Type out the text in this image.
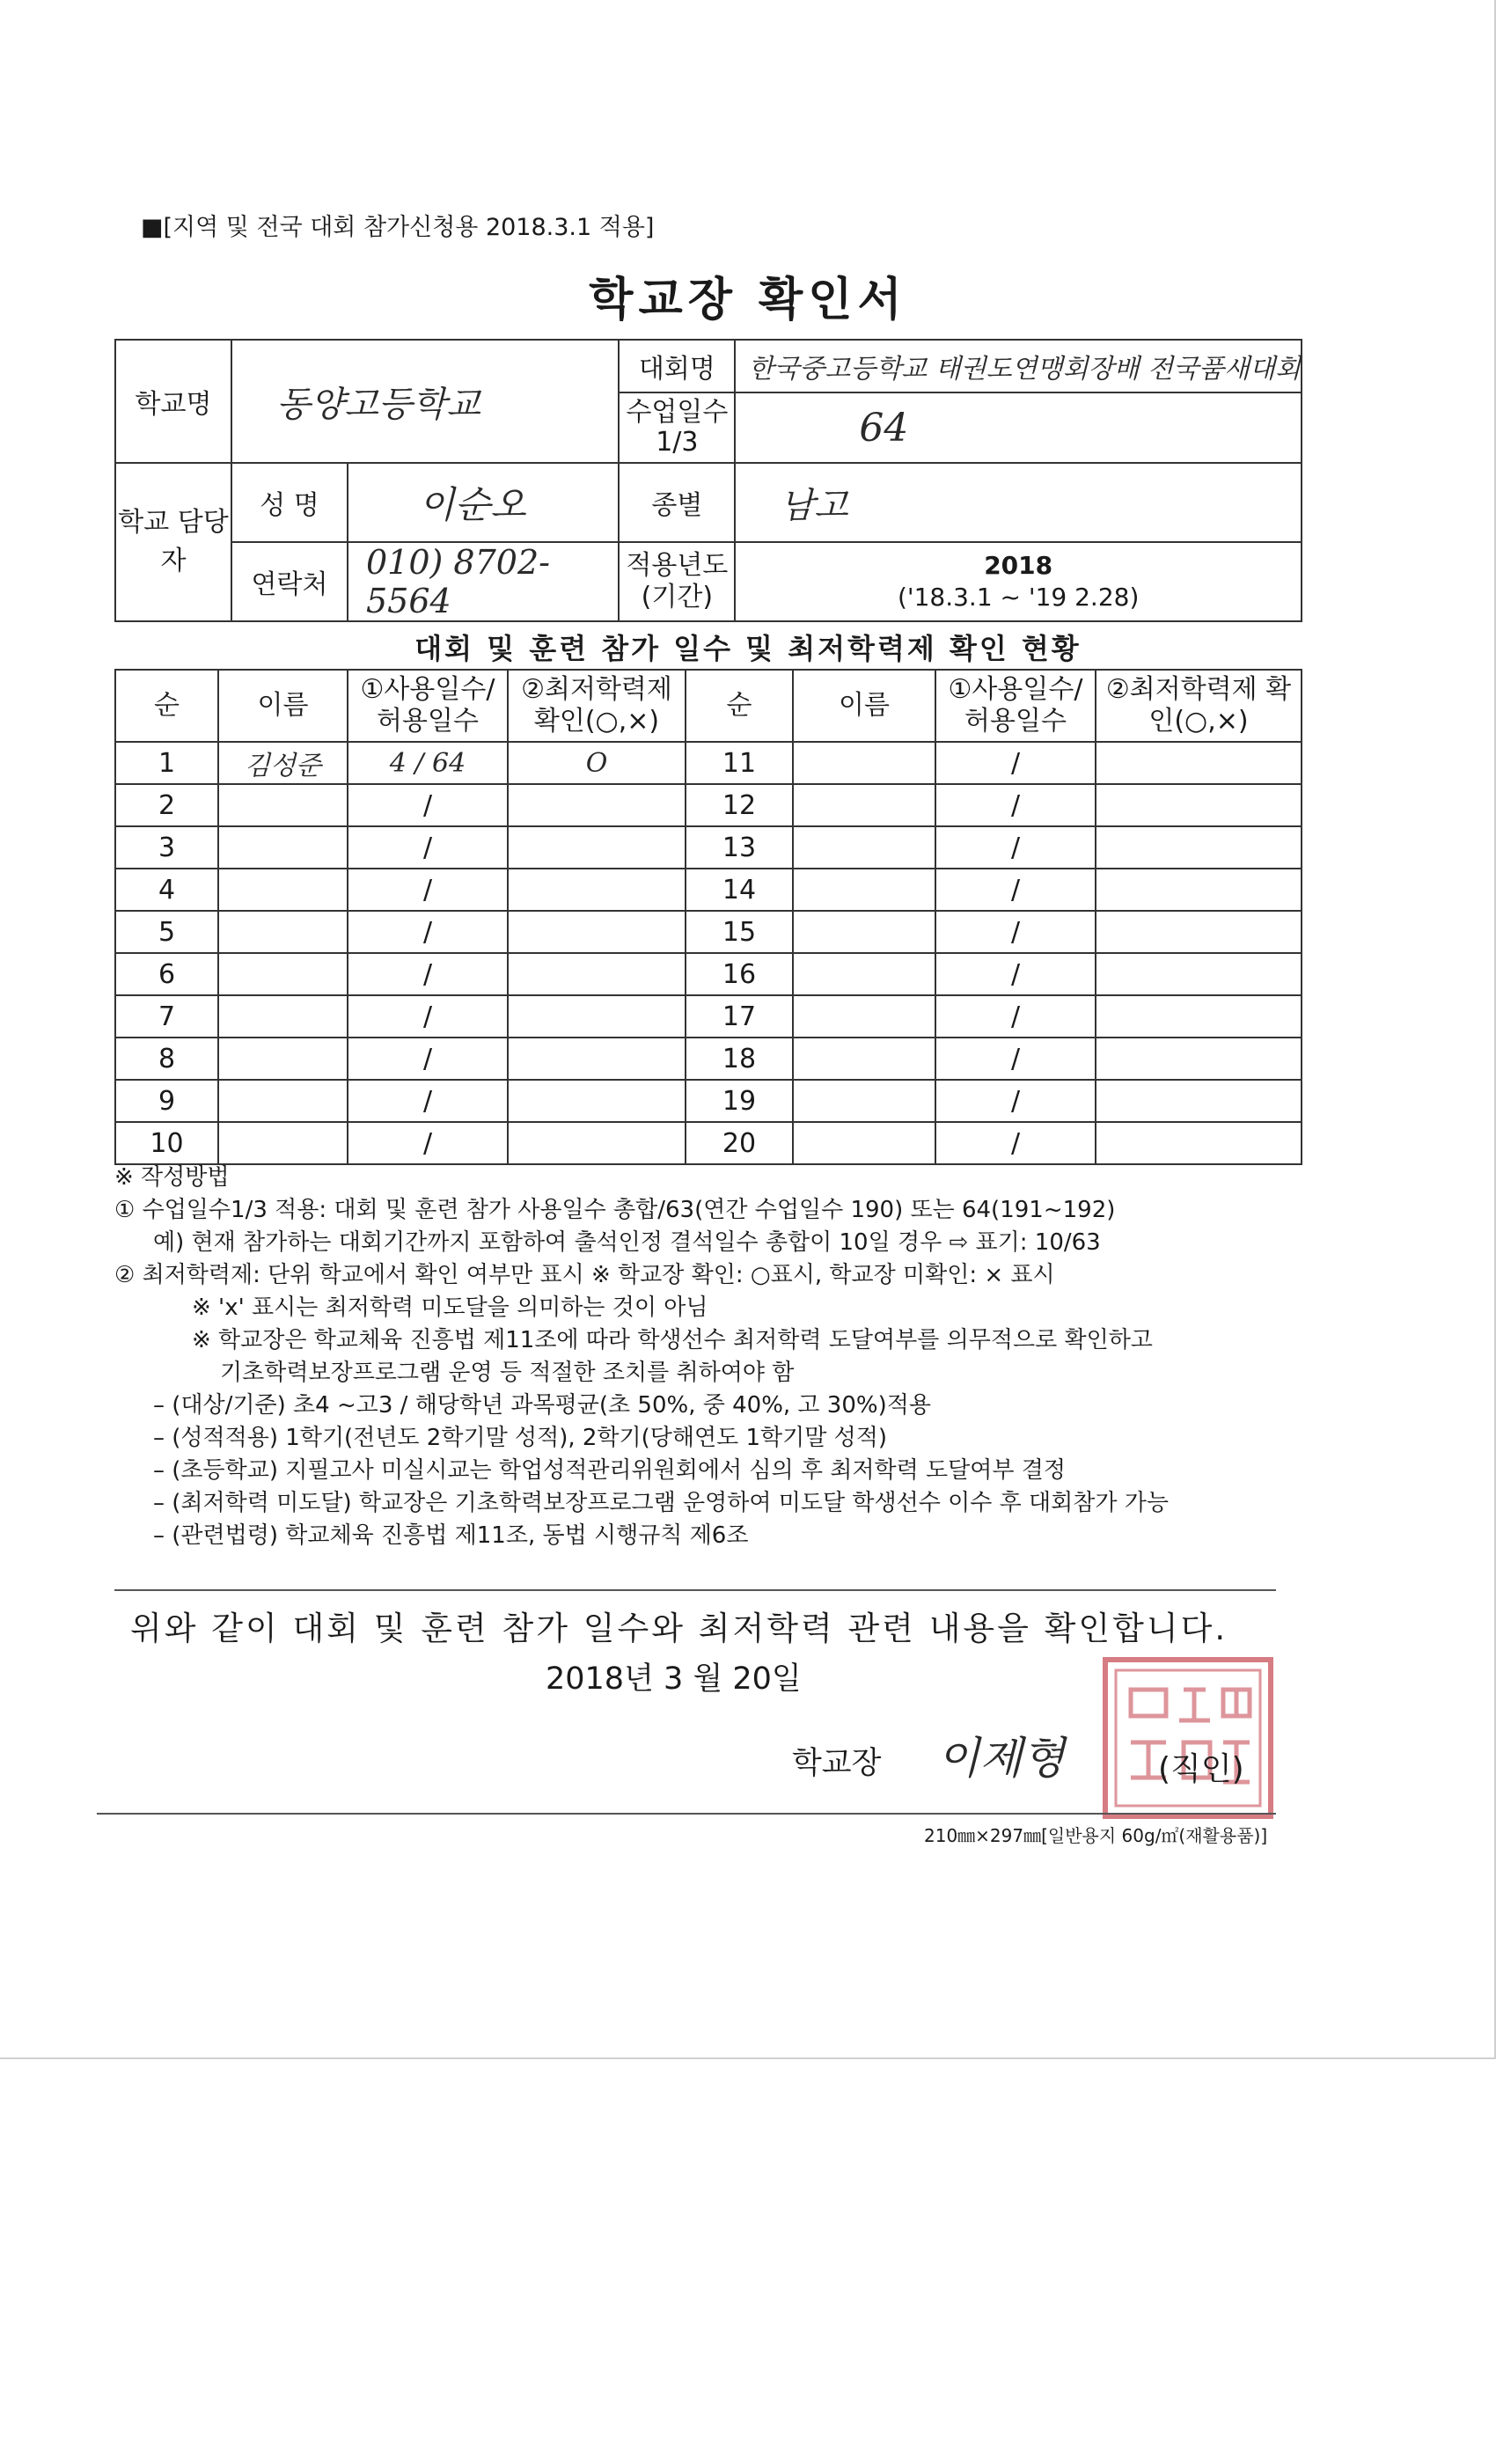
■[지역 및 전국 대회 참가신청용 2018.3.1 적용]
학교장 확인서
학교명	동양고등학교		대회명	한국중고등학교 태권도연맹회장배 전국품새대회
			수업일수 1/3	64
학교 담당자	성 명	이순오	종별	남고
	연락처	010) 8702-5564	적용년도 (기간)	2018
('18.3.1 ~ '19 2.28)
대회 및 훈련 참가 일수 및 최저학력제 확인 현황
순	이름	①사용일수/ 허용일수	②최저학력제 확인(○,×)	순	이름	①사용일수/ 허용일수	②최저학력제 확인(○,×)
1	김성준	4 / 64	O	11		/	
2		/		12		/	
3		/		13		/	
4		/		14		/	
5		/		15		/	
6		/		16		/	
7		/		17		/	
8		/		18		/	
9		/		19		/	
10		/		20		/	
※ 작성방법
① 수업일수1/3 적용: 대회 및 훈련 참가 사용일수 총합/63(연간 수업일수 190) 또는 64(191~192)
예) 현재 참가하는 대회기간까지 포함하여 출석인정 결석일수 총합이 10일 경우 ⇨ 표기: 10/63
② 최저학력제: 단위 학교에서 확인 여부만 표시 ※ 학교장 확인: ○표시, 학교장 미확인: × 표시
※ 'x' 표시는 최저학력 미도달을 의미하는 것이 아님
※ 학교장은 학교체육 진흥법 제11조에 따라 학생선수 최저학력 도달여부를 의무적으로 확인하고
기초학력보장프로그램 운영 등 적절한 조치를 취하여야 함
– (대상/기준) 초4 ~고3 / 해당학년 과목평균(초 50%, 중 40%, 고 30%)적용
– (성적적용) 1학기(전년도 2학기말 성적), 2학기(당해연도 1학기말 성적)
– (초등학교) 지필고사 미실시교는 학업성적관리위원회에서 심의 후 최저학력 도달여부 결정
– (최저학력 미도달) 학교장은 기초학력보장프로그램 운영하여 미도달 학생선수 이수 후 대회참가 가능
– (관련법령) 학교체육 진흥법 제11조, 동법 시행규칙 제6조
위와 같이 대회 및 훈련 참가 일수와 최저학력 관련 내용을 확인합니다.
2018년 3 월 20일
학교장 이제형	(직인)
210㎜×297㎜[일반용지 60g/㎡(재활용품)]
